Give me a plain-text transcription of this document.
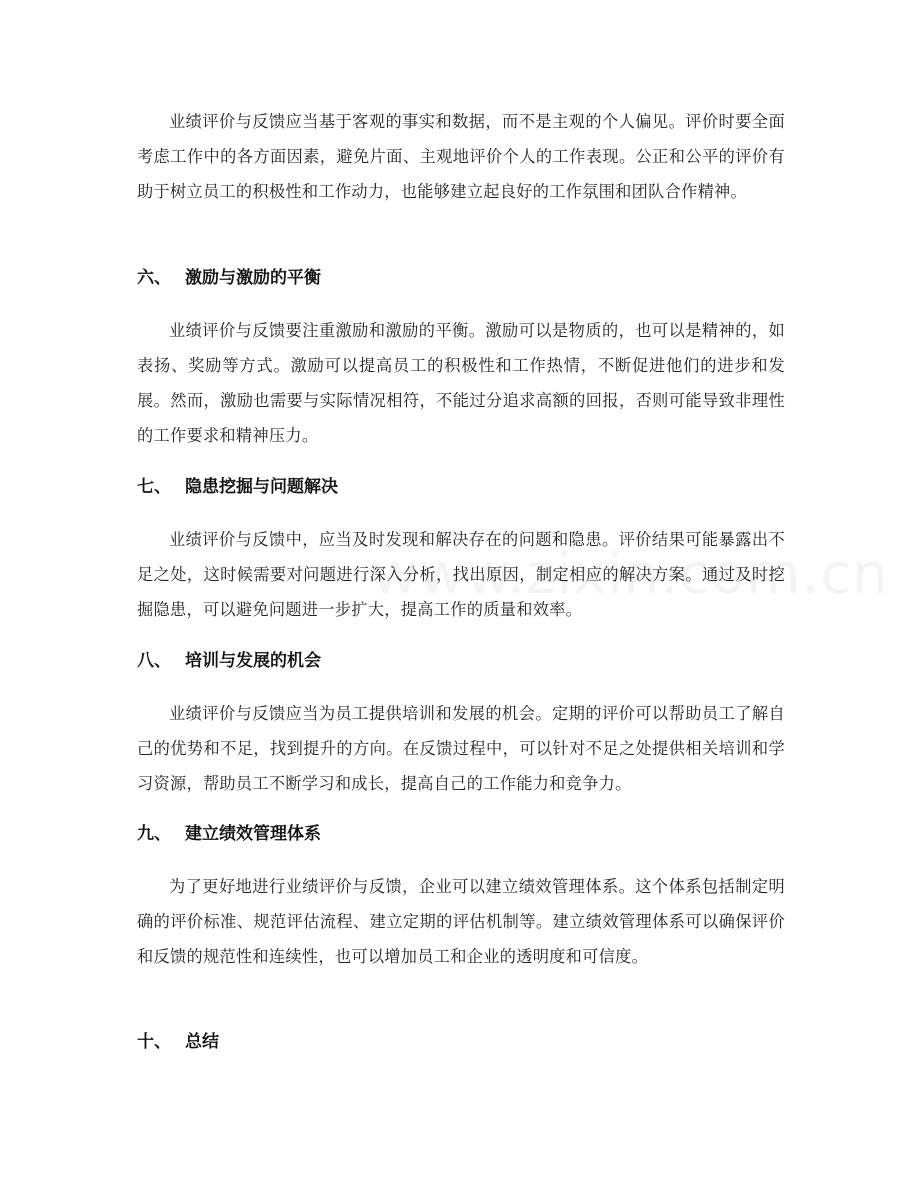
业绩评价与反馈应当基于客观的事实和数据，而不是主观的个人偏见。评价时要全面考虑工作中的各方面因素，避免片面、主观地评价个人的工作表现。公正和公平的评价有助于树立员工的积极性和工作动力，也能够建立起良好的工作氛围和团队合作精神。

六、 激励与激励的平衡

业绩评价与反馈要注重激励和激励的平衡。激励可以是物质的，也可以是精神的，如表扬、奖励等方式。激励可以提高员工的积极性和工作热情，不断促进他们的进步和发展。然而，激励也需要与实际情况相符，不能过分追求高额的回报，否则可能导致非理性的工作要求和精神压力。

七、 隐患挖掘与问题解决

业绩评价与反馈中，应当及时发现和解决存在的问题和隐患。评价结果可能暴露出不足之处，这时候需要对问题进行深入分析，找出原因，制定相应的解决方案。通过及时挖掘隐患，可以避免问题进一步扩大，提高工作的质量和效率。

八、 培训与发展的机会

业绩评价与反馈应当为员工提供培训和发展的机会。定期的评价可以帮助员工了解自己的优势和不足，找到提升的方向。在反馈过程中，可以针对不足之处提供相关培训和学习资源，帮助员工不断学习和成长，提高自己的工作能力和竞争力。

九、 建立绩效管理体系

为了更好地进行业绩评价与反馈，企业可以建立绩效管理体系。这个体系包括制定明确的评价标准、规范评估流程、建立定期的评估机制等。建立绩效管理体系可以确保评价和反馈的规范性和连续性，也可以增加员工和企业的透明度和可信度。

十、 总结
